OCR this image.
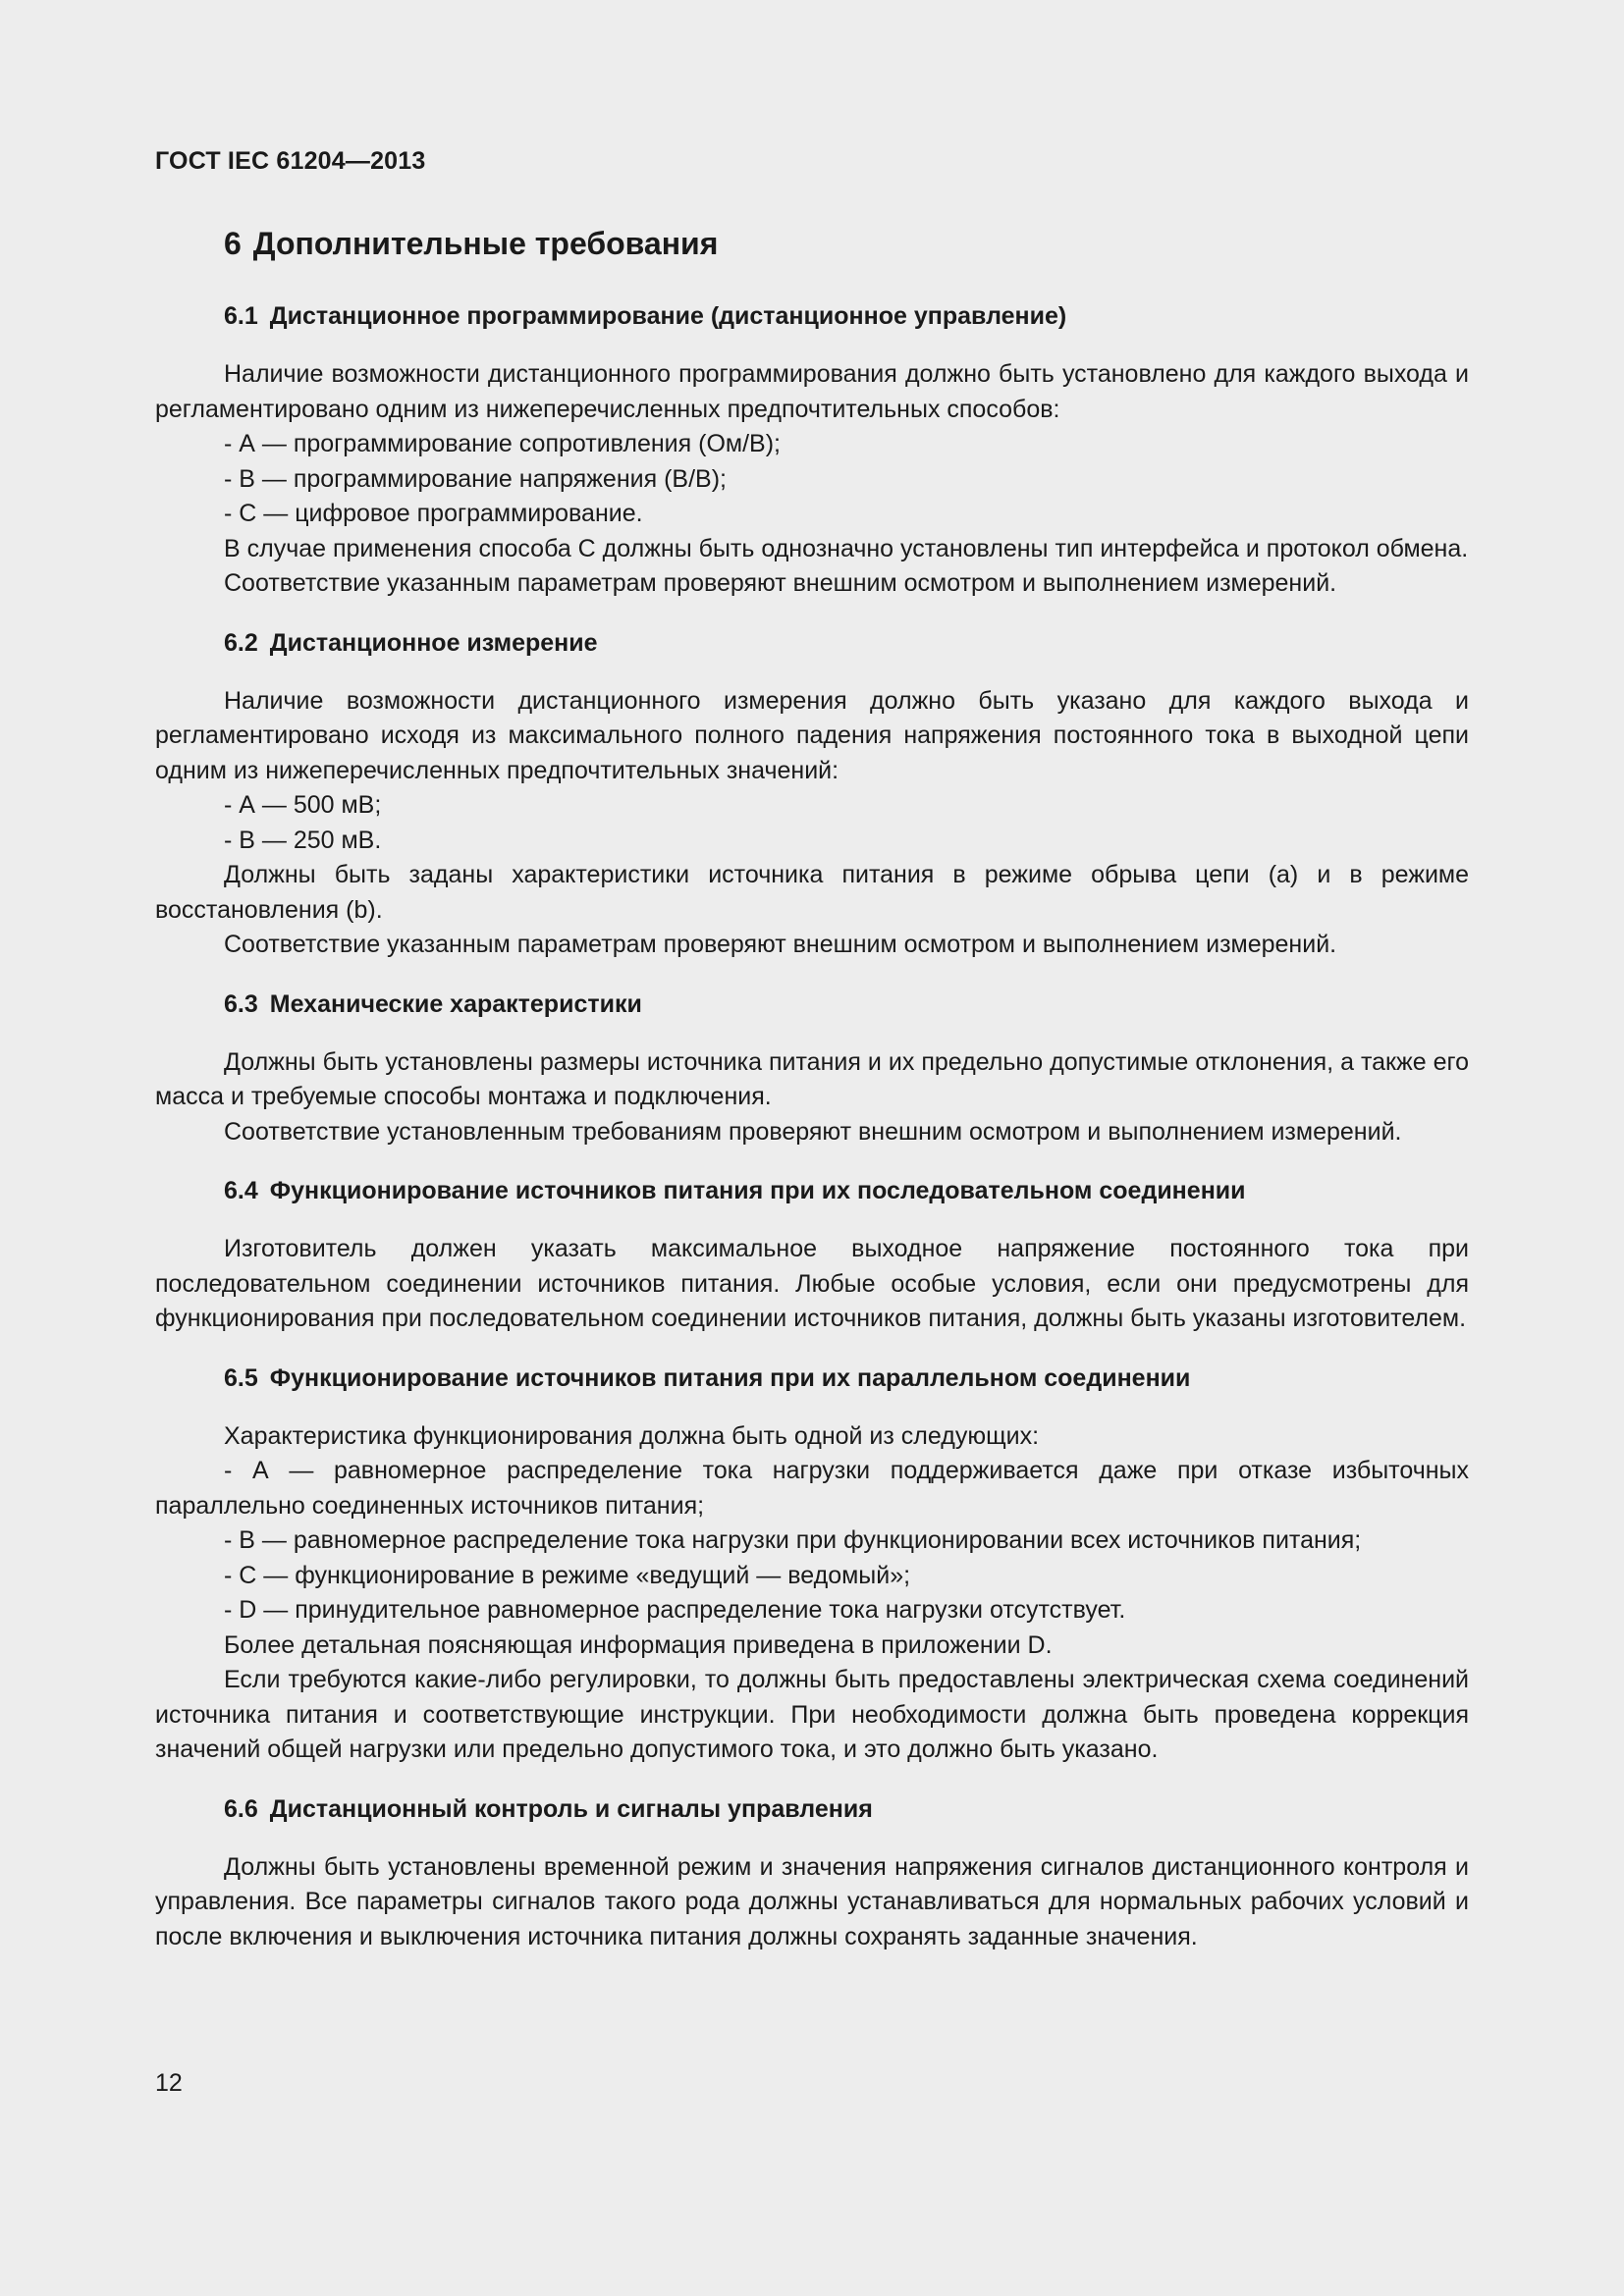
ГОСТ IEC 61204—2013
6 Дополнительные требования
6.1 Дистанционное программирование (дистанционное управление)

Наличие возможности дистанционного программирования должно быть установлено для каждого выхода и регламентировано одним из нижеперечисленных предпочтительных способов:

- А — программирование сопротивления (Ом/В);

- В — программирование напряжения (В/В);

- С — цифровое программирование.

В случае применения способа С должны быть однозначно установлены тип интерфейса и протокол обмена.

Соответствие указанным параметрам проверяют внешним осмотром и выполнением измерений.

6.2 Дистанционное измерение

Наличие возможности дистанционного измерения должно быть указано для каждого выхода и регламентировано исходя из максимального полного падения напряжения постоянного тока в выходной цепи одним из нижеперечисленных предпочтительных значений:

- А — 500 мВ;

- В — 250 мВ.

Должны быть заданы характеристики источника питания в режиме обрыва цепи (а) и в режиме восстановления (b).

Соответствие указанным параметрам проверяют внешним осмотром и выполнением измерений.

6.3 Механические характеристики

Должны быть установлены размеры источника питания и их предельно допустимые отклонения, а также его масса и требуемые способы монтажа и подключения.

Соответствие установленным требованиям проверяют внешним осмотром и выполнением измерений.

6.4 Функционирование источников питания при их последовательном соединении

Изготовитель должен указать максимальное выходное напряжение постоянного тока при последовательном соединении источников питания. Любые особые условия, если они предусмотрены для функционирования при последовательном соединении источников питания, должны быть указаны изготовителем.

6.5 Функционирование источников питания при их параллельном соединении

Характеристика функционирования должна быть одной из следующих:

- А — равномерное распределение тока нагрузки поддерживается даже при отказе избыточных параллельно соединенных источников питания;

- В — равномерное распределение тока нагрузки при функционировании всех источников питания;

- С — функционирование в режиме «ведущий — ведомый»;

- D — принудительное равномерное распределение тока нагрузки отсутствует.

Более детальная поясняющая информация приведена в приложении D.

Если требуются какие-либо регулировки, то должны быть предоставлены электрическая схема соединений источника питания и соответствующие инструкции. При необходимости должна быть проведена коррекция значений общей нагрузки или предельно допустимого тока, и это должно быть указано.

6.6 Дистанционный контроль и сигналы управления

Должны быть установлены временной режим и значения напряжения сигналов дистанционного контроля и управления. Все параметры сигналов такого рода должны устанавливаться для нормальных рабочих условий и после включения и выключения источника питания должны сохранять заданные значения.

12
